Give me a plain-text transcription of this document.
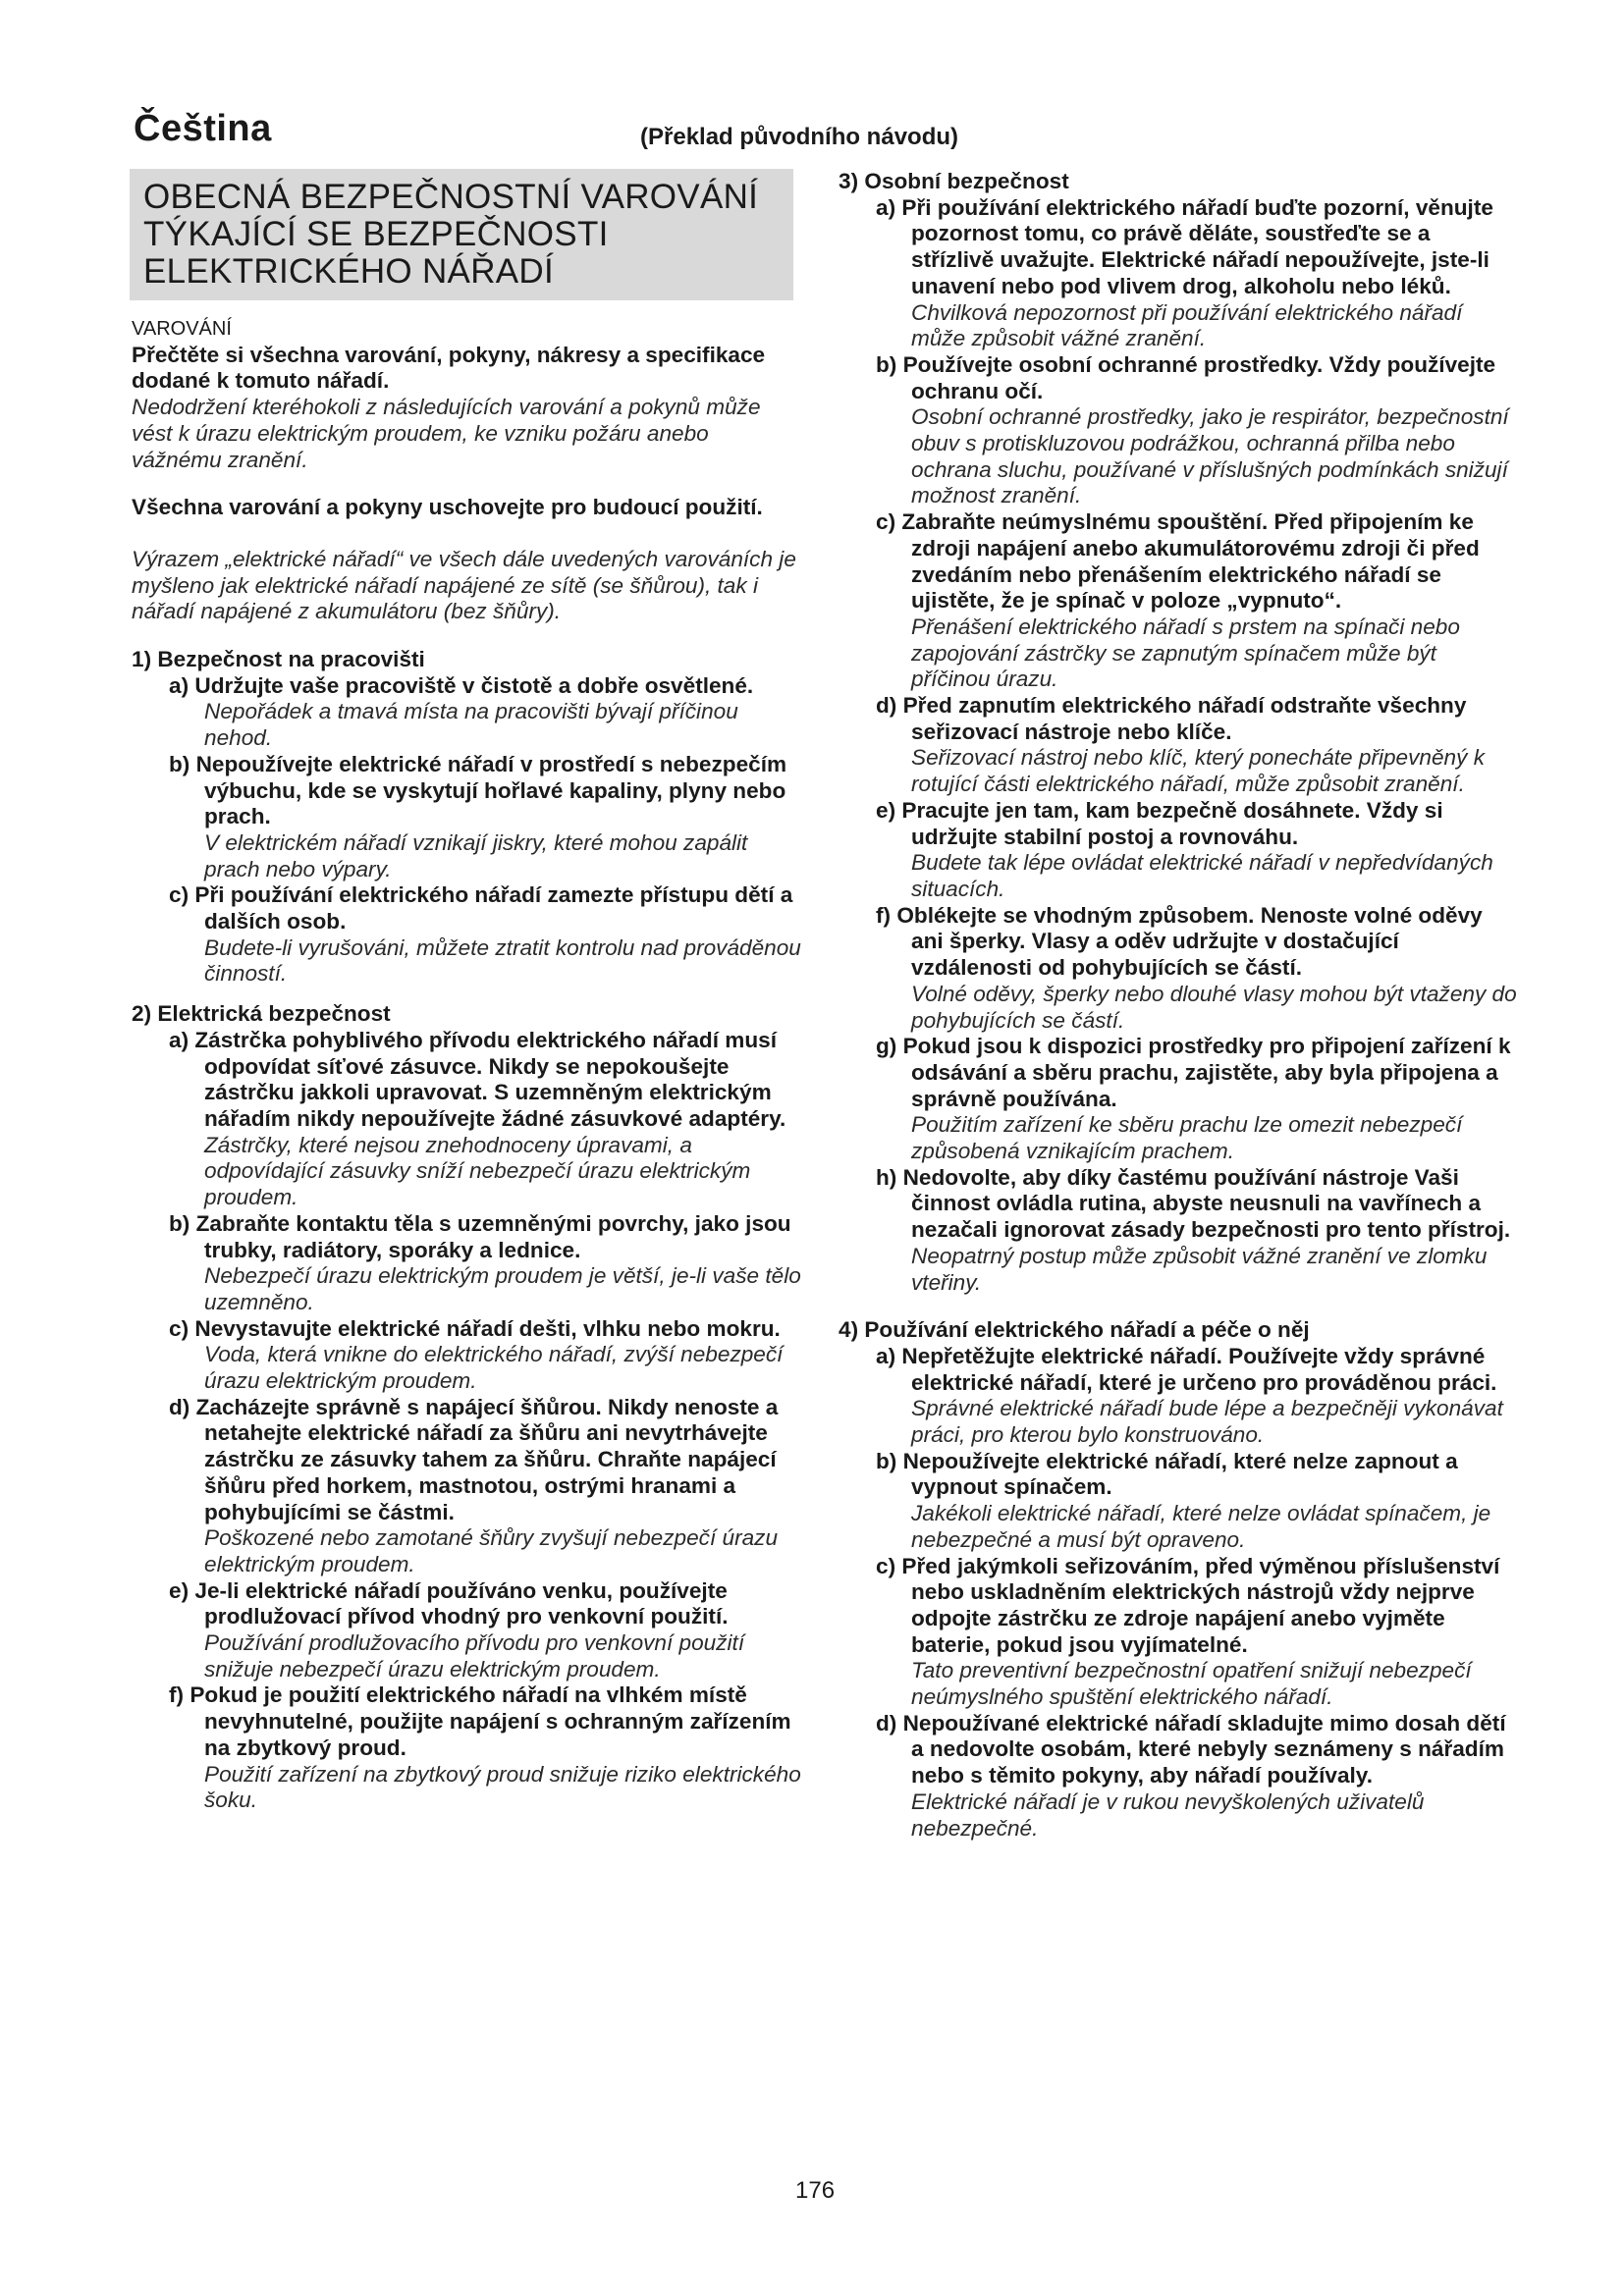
Čeština	(Překlad původního návodu)
OBECNÁ BEZPEČNOSTNÍ VAROVÁNÍ TÝKAJÍCÍ SE BEZPEČNOSTI ELEKTRICKÉHO NÁŘADÍ
VAROVÁNÍ
Přečtěte si všechna varování, pokyny, nákresy a specifikace dodané k tomuto nářadí.
Nedodržení kteréhokoli z následujících varování a pokynů může vést k úrazu elektrickým proudem, ke vzniku požáru anebo vážnému zranění.
Všechna varování a pokyny uschovejte pro budoucí použití.
Výrazem „elektrické nářadí“ ve všech dále uvedených varováních je myšleno jak elektrické nářadí napájené ze sítě (se šňůrou), tak i nářadí napájené z akumulátoru (bez šňůry).
1) Bezpečnost na pracovišti
a) Udržujte vaše pracoviště v čistotě a dobře osvětlené.
Nepořádek a tmavá místa na pracovišti bývají příčinou nehod.
b) Nepoužívejte elektrické nářadí v prostředí s nebezpečím výbuchu, kde se vyskytují hořlavé kapaliny, plyny nebo prach.
V elektrickém nářadí vznikají jiskry, které mohou zapálit prach nebo výpary.
c) Při používání elektrického nářadí zamezte přístupu dětí a dalších osob.
Budete-li vyrušováni, můžete ztratit kontrolu nad prováděnou činností.
2) Elektrická bezpečnost
a) Zástrčka pohyblivého přívodu elektrického nářadí musí odpovídat síťové zásuvce. Nikdy se nepokoušejte zástrčku jakkoli upravovat. S uzemněným elektrickým nářadím nikdy nepoužívejte žádné zásuvkové adaptéry.
Zástrčky, které nejsou znehodnoceny úpravami, a odpovídající zásuvky sníží nebezpečí úrazu elektrickým proudem.
b) Zabraňte kontaktu těla s uzemněnými povrchy, jako jsou trubky, radiátory, sporáky a lednice.
Nebezpečí úrazu elektrickým proudem je větší, je-li vaše tělo uzemněno.
c) Nevystavujte elektrické nářadí dešti, vlhku nebo mokru.
Voda, která vnikne do elektrického nářadí, zvýší nebezpečí úrazu elektrickým proudem.
d) Zacházejte správně s napájecí šňůrou. Nikdy nenoste a netahejte elektrické nářadí za šňůru ani nevytrhávejte zástrčku ze zásuvky tahem za šňůru. Chraňte napájecí šňůru před horkem, mastnotou, ostrými hranami a pohybujícími se částmi.
Poškozené nebo zamotané šňůry zvyšují nebezpečí úrazu elektrickým proudem.
e) Je-li elektrické nářadí používáno venku, používejte prodlužovací přívod vhodný pro venkovní použití.
Používání prodlužovacího přívodu pro venkovní použití snižuje nebezpečí úrazu elektrickým proudem.
f) Pokud je použití elektrického nářadí na vlhkém místě nevyhnutelné, použijte napájení s ochranným zařízením na zbytkový proud.
Použití zařízení na zbytkový proud snižuje riziko elektrického šoku.
3) Osobní bezpečnost
a) Při používání elektrického nářadí buďte pozorní, věnujte pozornost tomu, co právě děláte, soustřeďte se a střízlivě uvažujte. Elektrické nářadí nepoužívejte, jste-li unavení nebo pod vlivem drog, alkoholu nebo léků.
Chvilková nepozornost při používání elektrického nářadí může způsobit vážné zranění.
b) Používejte osobní ochranné prostředky. Vždy používejte ochranu očí.
Osobní ochranné prostředky, jako je respirátor, bezpečnostní obuv s protiskluzovou podrážkou, ochranná přilba nebo ochrana sluchu, používané v příslušných podmínkách snižují možnost zranění.
c) Zabraňte neúmyslnému spouštění. Před připojením ke zdroji napájení anebo akumulátorovému zdroji či před zvedáním nebo přenášením elektrického nářadí se ujistěte, že je spínač v poloze „vypnuto“.
Přenášení elektrického nářadí s prstem na spínači nebo zapojování zástrčky se zapnutým spínačem může být příčinou úrazu.
d) Před zapnutím elektrického nářadí odstraňte všechny seřizovací nástroje nebo klíče.
Seřizovací nástroj nebo klíč, který ponecháte připevněný k rotující části elektrického nářadí, může způsobit zranění.
e) Pracujte jen tam, kam bezpečně dosáhnete. Vždy si udržujte stabilní postoj a rovnováhu.
Budete tak lépe ovládat elektrické nářadí v nepředvídaných situacích.
f) Oblékejte se vhodným způsobem. Nenoste volné oděvy ani šperky. Vlasy a oděv udržujte v dostačující vzdálenosti od pohybujících se částí.
Volné oděvy, šperky nebo dlouhé vlasy mohou být vtaženy do pohybujících se částí.
g) Pokud jsou k dispozici prostředky pro připojení zařízení k odsávání a sběru prachu, zajistěte, aby byla připojena a správně používána.
Použitím zařízení ke sběru prachu lze omezit nebezpečí způsobená vznikajícím prachem.
h) Nedovolte, aby díky častému používání nástroje Vaši činnost ovládla rutina, abyste neusnuli na vavřínech a nezačali ignorovat zásady bezpečnosti pro tento přístroj.
Neopatrný postup může způsobit vážné zranění ve zlomku vteřiny.
4) Používání elektrického nářadí a péče o něj
a) Nepřetěžujte elektrické nářadí. Používejte vždy správné elektrické nářadí, které je určeno pro prováděnou práci.
Správné elektrické nářadí bude lépe a bezpečněji vykonávat práci, pro kterou bylo konstruováno.
b) Nepoužívejte elektrické nářadí, které nelze zapnout a vypnout spínačem.
Jakékoli elektrické nářadí, které nelze ovládat spínačem, je nebezpečné a musí být opraveno.
c) Před jakýmkoli seřizováním, před výměnou příslušenství nebo uskladněním elektrických nástrojů vždy nejprve odpojte zástrčku ze zdroje napájení anebo vyjměte baterie, pokud jsou vyjímatelné.
Tato preventivní bezpečnostní opatření snižují nebezpečí neúmyslného spuštění elektrického nářadí.
d) Nepoužívané elektrické nářadí skladujte mimo dosah dětí a nedovolte osobám, které nebyly seznámeny s nářadím nebo s těmito pokyny, aby nářadí používaly.
Elektrické nářadí je v rukou nevyškolených uživatelů nebezpečné.
176
